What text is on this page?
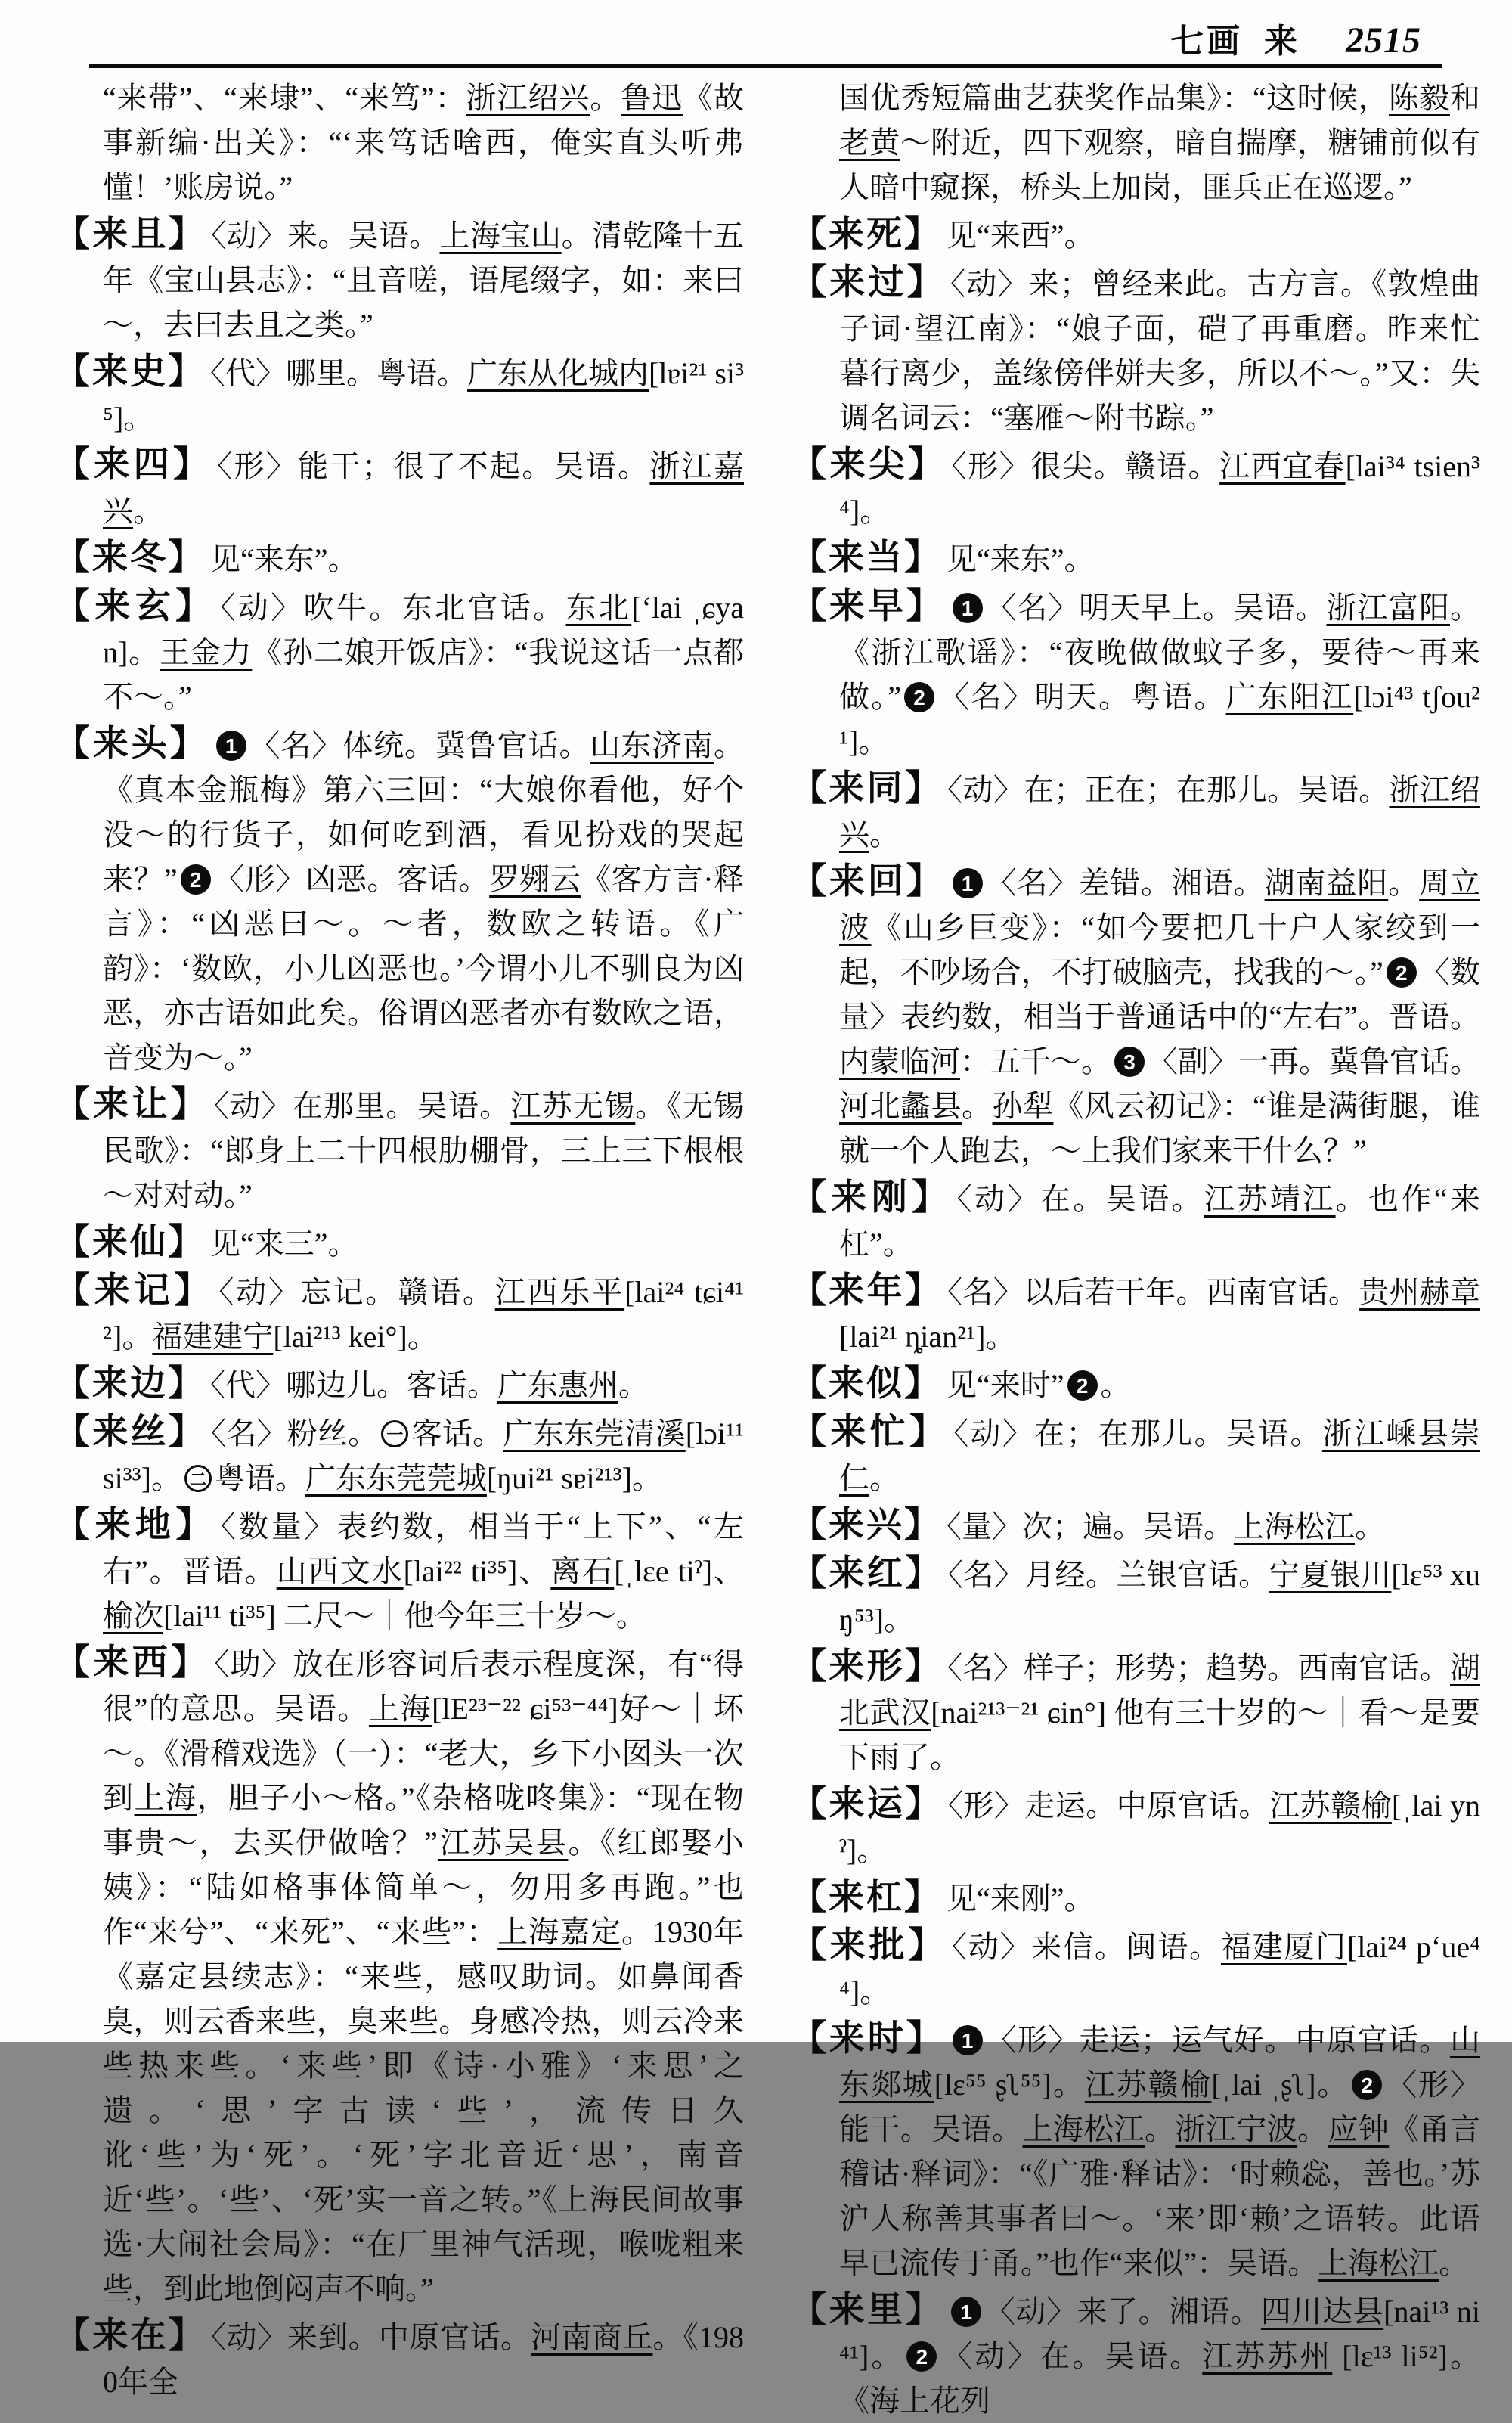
七画 来 2515
“来带”、“来埭”、“来笃”：浙江绍兴。鲁迅《故事新编·出关》：“‘来笃话啥西，俺实直头听弗懂！’账房说。”
【来且】 〈动〉来。吴语。上海宝山。清乾隆十五年《宝山县志》：“且音嗟，语尾缀字，如：来曰～，去曰去且之类。”
【来史】 〈代〉哪里。粤语。广东从化城内[lɐi²¹ si³⁵]。
【来四】 〈形〉能干；很了不起。吴语。浙江嘉兴。
【来冬】 见“来东”。
【来玄】 〈动〉吹牛。东北官话。东北[ʻlai ˌɕyan]。王金力《孙二娘开饭店》：“我说这话一点都不～。”
【来头】 1 〈名〉体统。冀鲁官话。山东济南。《真本金瓶梅》第六三回：“大娘你看他，好个没～的行货子，如何吃到酒，看见扮戏的哭起来？” 2 〈形〉凶恶。客话。罗翙云《客方言·释言》：“凶恶曰～。～者，数欧之转语。《广韵》：‘数欧，小儿凶恶也。’今谓小儿不驯良为凶恶，亦古语如此矣。俗谓凶恶者亦有数欧之语，音变为～。”
【来让】 〈动〉在那里。吴语。江苏无锡。《无锡民歌》：“郎身上二十四根肋棚骨，三上三下根根～对对动。”
【来仙】 见“来三”。
【来记】 〈动〉忘记。赣语。江西乐平[lai²⁴ tɕi⁴¹²]。福建建宁[lai²¹³ kei°]。
【来边】 〈代〉哪边儿。客话。广东惠州。
【来丝】 〈名〉粉丝。 一 客话。广东东莞清溪[lɔi¹¹ si³³]。 二 粤语。广东东莞莞城[ŋui²¹ sɐi²¹³]。
【来地】 〈数量〉表约数，相当于“上下”、“左右”。晋语。山西文水[lai²² ti³⁵]、离石[ˌlɛe tiˀ]、榆次[lai¹¹ ti³⁵] 二尺～｜他今年三十岁～。
【来西】 〈助〉放在形容词后表示程度深，有“得很”的意思。吴语。上海[lE²³⁻²² ɕi⁵³⁻⁴⁴]好～｜坏～。《滑稽戏选》（一）：“老大，乡下小囡头一次到上海，胆子小～格。”《杂格咙咚集》：“现在物事贵～，去买伊做啥？”江苏吴县。《红郎娶小姨》：“陆如格事体简单～，勿用多再跑。”也作“来兮”、“来死”、“来些”：上海嘉定。1930年《嘉定县续志》：“来些，感叹助词。如鼻闻香臭，则云香来些，臭来些。身感冷热，则云冷来些热来些。‘来些’即《诗·小雅》‘来思’之遗。‘思’字古读‘些’，流传日久讹‘些’为‘死’。‘死’字北音近‘思’，南音近‘些’。‘些’、‘死’实一音之转。”《上海民间故事选·大闹社会局》：“在厂里神气活现，喉咙粗来些，到此地倒闷声不响。”
【来在】 〈动〉来到。中原官话。河南商丘。《1980年全
国优秀短篇曲艺获奖作品集》：“这时候，陈毅和老黄～附近，四下观察，暗自揣摩，糖铺前似有人暗中窥探，桥头上加岗，匪兵正在巡逻。”
【来死】 见“来西”。
【来过】 〈动〉来；曾经来此。古方言。《敦煌曲子词·望江南》：“娘子面，硙了再重磨。昨来忙暮行离少，盖缘傍伴姘夫多，所以不～。”又：失调名词云：“塞雁～附书踪。”
【来尖】 〈形〉很尖。赣语。江西宜春[lai³⁴ tsien³⁴]。
【来当】 见“来东”。
【来早】 1 〈名〉明天早上。吴语。浙江富阳。《浙江歌谣》：“夜晚做做蚊子多，要待～再来做。” 2 〈名〉明天。粤语。广东阳江[lɔi⁴³ tʃou²¹]。
【来同】 〈动〉在；正在；在那儿。吴语。浙江绍兴。
【来回】 1 〈名〉差错。湘语。湖南益阳。周立波《山乡巨变》：“如今要把几十户人家绞到一起，不吵场合，不打破脑壳，找我的～。” 2 〈数量〉表约数，相当于普通话中的“左右”。晋语。内蒙临河：五千～。 3 〈副〉一再。冀鲁官话。河北蠡县。孙犁《风云初记》：“谁是满街腿，谁就一个人跑去，～上我们家来干什么？”
【来刚】 〈动〉在。吴语。江苏靖江。也作“来杠”。
【来年】 〈名〉以后若干年。西南官话。贵州赫章[lai²¹ ȵian²¹]。
【来似】 见“来时” 2 。
【来忙】 〈动〉在；在那儿。吴语。浙江嵊县崇仁。
【来兴】 〈量〉次；遍。吴语。上海松江。
【来红】 〈名〉月经。兰银官话。宁夏银川[lɛ⁵³ xuŋ⁵³]。
【来形】 〈名〉样子；形势；趋势。西南官话。湖北武汉[nai²¹³⁻²¹ ɕin°] 他有三十岁的～｜看～是要下雨了。
【来运】 〈形〉走运。中原官话。江苏赣榆[ˌlai ynˀ]。
【来杠】 见“来刚”。
【来批】 〈动〉来信。闽语。福建厦门[lai²⁴ pʻue⁴⁴]。
【来时】 1 〈形〉走运；运气好。中原官话。山东郯城[lɛ⁵⁵ ʂʅ⁵⁵]。江苏赣榆[ˌlai ˌʂʅ]。 2 〈形〉能干。吴语。上海松江。浙江宁波。应钟《甬言稽诂·释词》：“《广雅·释诂》：‘时赖惢，善也。’苏沪人称善其事者曰～。‘来’即‘赖’之语转。此语早已流传于甬。”也作“来似”：吴语。上海松江。
【来里】 1 〈动〉来了。湘语。四川达县[nai¹³ ni⁴¹]。 2 〈动〉在。吴语。江苏苏州 [lɛ¹³ li⁵²]。《海上花列
